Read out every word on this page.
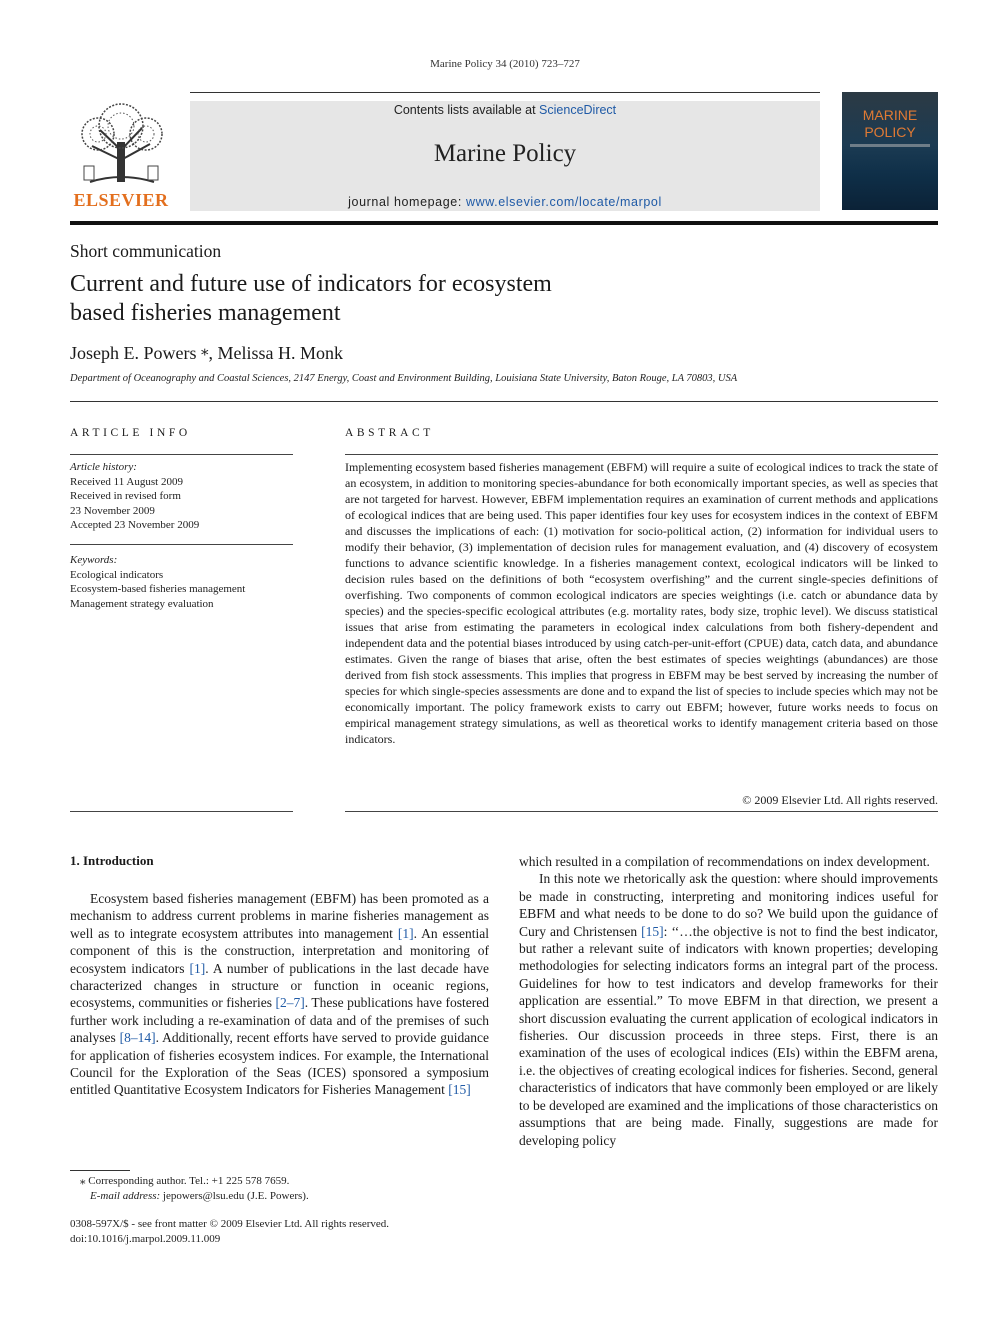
Marine Policy 34 (2010) 723–727
ELSEVIER
Contents lists available at ScienceDirect
Marine Policy
journal homepage: www.elsevier.com/locate/marpol
MARINE
POLICY
Short communication
Current and future use of indicators for ecosystem
based fisheries management
Joseph E. Powers ⁎, Melissa H. Monk
Department of Oceanography and Coastal Sciences, 2147 Energy, Coast and Environment Building, Louisiana State University, Baton Rouge, LA 70803, USA
ARTICLE INFO
Article history:
Received 11 August 2009
Received in revised form
23 November 2009
Accepted 23 November 2009
Keywords:
Ecological indicators
Ecosystem-based fisheries management
Management strategy evaluation
ABSTRACT
Implementing ecosystem based fisheries management (EBFM) will require a suite of ecological indices to track the state of an ecosystem, in addition to monitoring species-abundance for both economically important species, as well as species that are not targeted for harvest. However, EBFM implementation requires an examination of current methods and applications of ecological indices that are being used. This paper identifies four key uses for ecosystem indices in the context of EBFM and discusses the implications of each: (1) motivation for socio-political action, (2) information for individual users to modify their behavior, (3) implementation of decision rules for management evaluation, and (4) discovery of ecosystem functions to advance scientific knowledge. In a fisheries management context, ecological indicators will be linked to decision rules based on the definitions of both “ecosystem overfishing” and the current single-species definitions of overfishing. Two components of common ecological indicators are species weightings (i.e. catch or abundance data by species) and the species-specific ecological attributes (e.g. mortality rates, body size, trophic level). We discuss statistical issues that arise from estimating the parameters in ecological index calculations from both fishery-dependent and independent data and the potential biases introduced by using catch-per-unit-effort (CPUE) data, catch data, and abundance estimates. Given the range of biases that arise, often the best estimates of species weightings (abundances) are those derived from fish stock assessments. This implies that progress in EBFM may be best served by increasing the number of species for which single-species assessments are done and to expand the list of species to include species which may not be economically important. The policy framework exists to carry out EBFM; however, future works needs to focus on empirical management strategy simulations, as well as theoretical works to identify management criteria based on those indicators.
© 2009 Elsevier Ltd. All rights reserved.
1. Introduction
Ecosystem based fisheries management (EBFM) has been promoted as a mechanism to address current problems in marine fisheries management as well as to integrate ecosystem attributes into management [1]. An essential component of this is the construction, interpretation and monitoring of ecosystem indicators [1]. A number of publications in the last decade have characterized changes in structure or function in oceanic regions, ecosystems, communities or fisheries [2–7]. These publications have fostered further work including a re-examination of data and of the premises of such analyses [8–14]. Additionally, recent efforts have served to provide guidance for application of fisheries ecosystem indices. For example, the International Council for the Exploration of the Seas (ICES) sponsored a symposium entitled Quantitative Ecosystem Indicators for Fisheries Management [15]

which resulted in a compilation of recommendations on index development.

In this note we rhetorically ask the question: where should improvements be made in constructing, interpreting and monitoring indices useful for EBFM and what needs to be done to do so? We build upon the guidance of Cury and Christensen [15]: ‘‘…the objective is not to find the best indicator, but rather a relevant suite of indicators with known properties; developing methodologies for selecting indicators forms an integral part of the process. Guidelines for how to test indicators and develop frameworks for their application are essential.” To move EBFM in that direction, we present a short discussion evaluating the current application of ecological indicators in fisheries. Our discussion proceeds in three steps. First, there is an examination of the uses of ecological indices (EIs) within the EBFM arena, i.e. the objectives of creating ecological indices for fisheries. Second, general characteristics of indicators that have commonly been employed or are likely to be developed are examined and the implications of those characteristics on assumptions that are being made. Finally, suggestions are made for developing policy

⁎ Corresponding author. Tel.: +1 225 578 7659.
E-mail address: jepowers@lsu.edu (J.E. Powers).
0308-597X/$ - see front matter © 2009 Elsevier Ltd. All rights reserved.
doi:10.1016/j.marpol.2009.11.009
